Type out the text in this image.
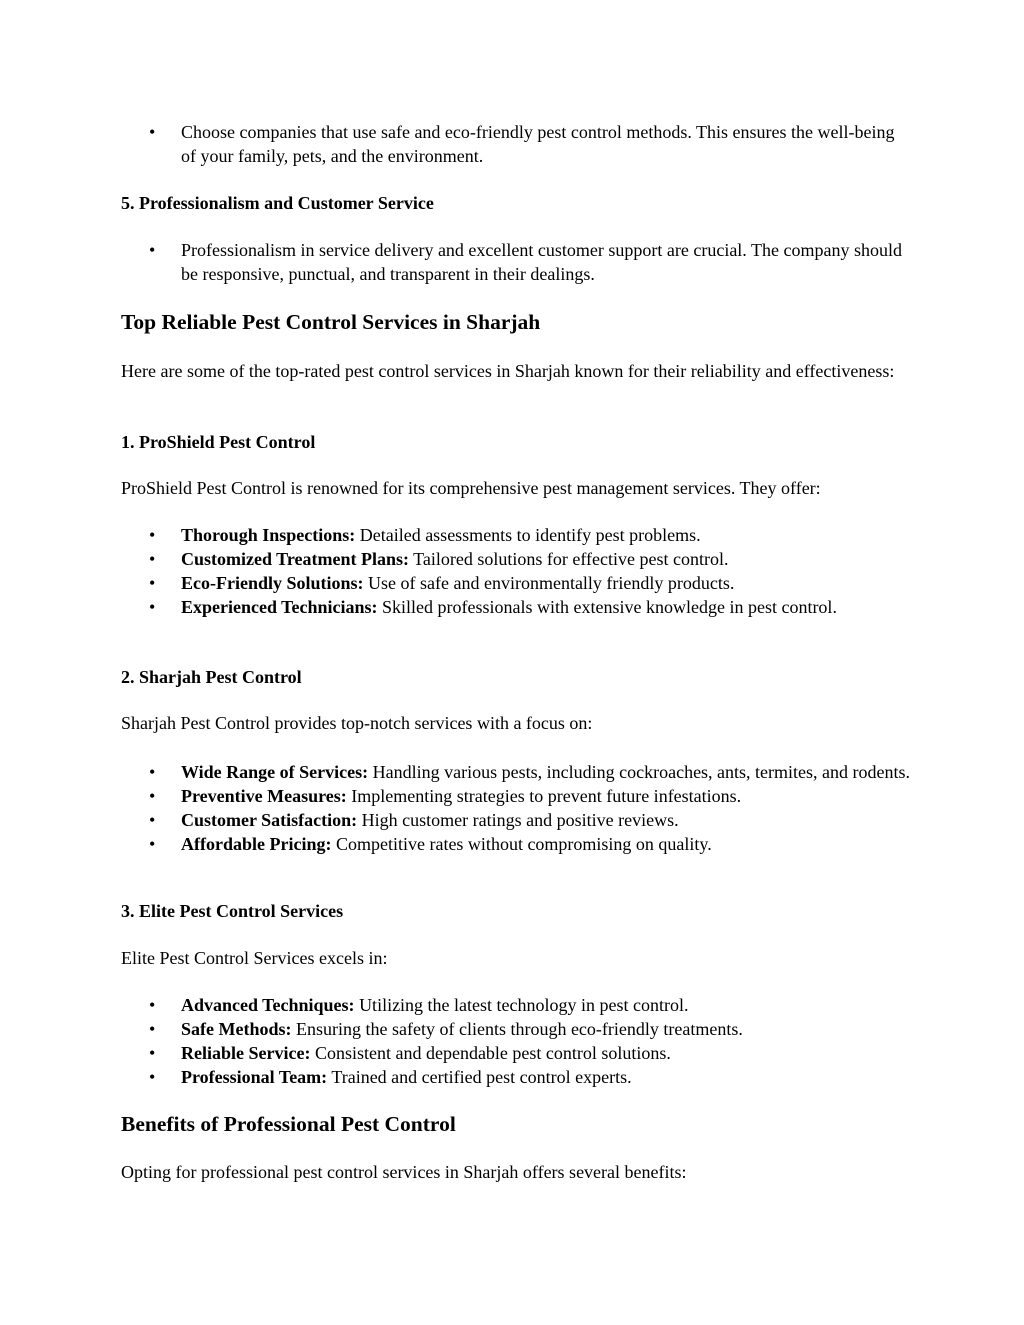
• Choose companies that use safe and eco-friendly pest control methods. This ensures the well-being of your family, pets, and the environment.
5. Professionalism and Customer Service
• Professionalism in service delivery and excellent customer support are crucial. The company should be responsive, punctual, and transparent in their dealings.
Top Reliable Pest Control Services in Sharjah

Here are some of the top-rated pest control services in Sharjah known for their reliability and effectiveness:

1. ProShield Pest Control

ProShield Pest Control is renowned for its comprehensive pest management services. They offer:

• Thorough Inspections: Detailed assessments to identify pest problems.
• Customized Treatment Plans: Tailored solutions for effective pest control.
• Eco-Friendly Solutions: Use of safe and environmentally friendly products.
• Experienced Technicians: Skilled professionals with extensive knowledge in pest control.
2. Sharjah Pest Control

Sharjah Pest Control provides top-notch services with a focus on:

• Wide Range of Services: Handling various pests, including cockroaches, ants, termites, and rodents.
• Preventive Measures: Implementing strategies to prevent future infestations.
• Customer Satisfaction: High customer ratings and positive reviews.
• Affordable Pricing: Competitive rates without compromising on quality.
3. Elite Pest Control Services

Elite Pest Control Services excels in:

• Advanced Techniques: Utilizing the latest technology in pest control.
• Safe Methods: Ensuring the safety of clients through eco-friendly treatments.
• Reliable Service: Consistent and dependable pest control solutions.
• Professional Team: Trained and certified pest control experts.
Benefits of Professional Pest Control

Opting for professional pest control services in Sharjah offers several benefits:
